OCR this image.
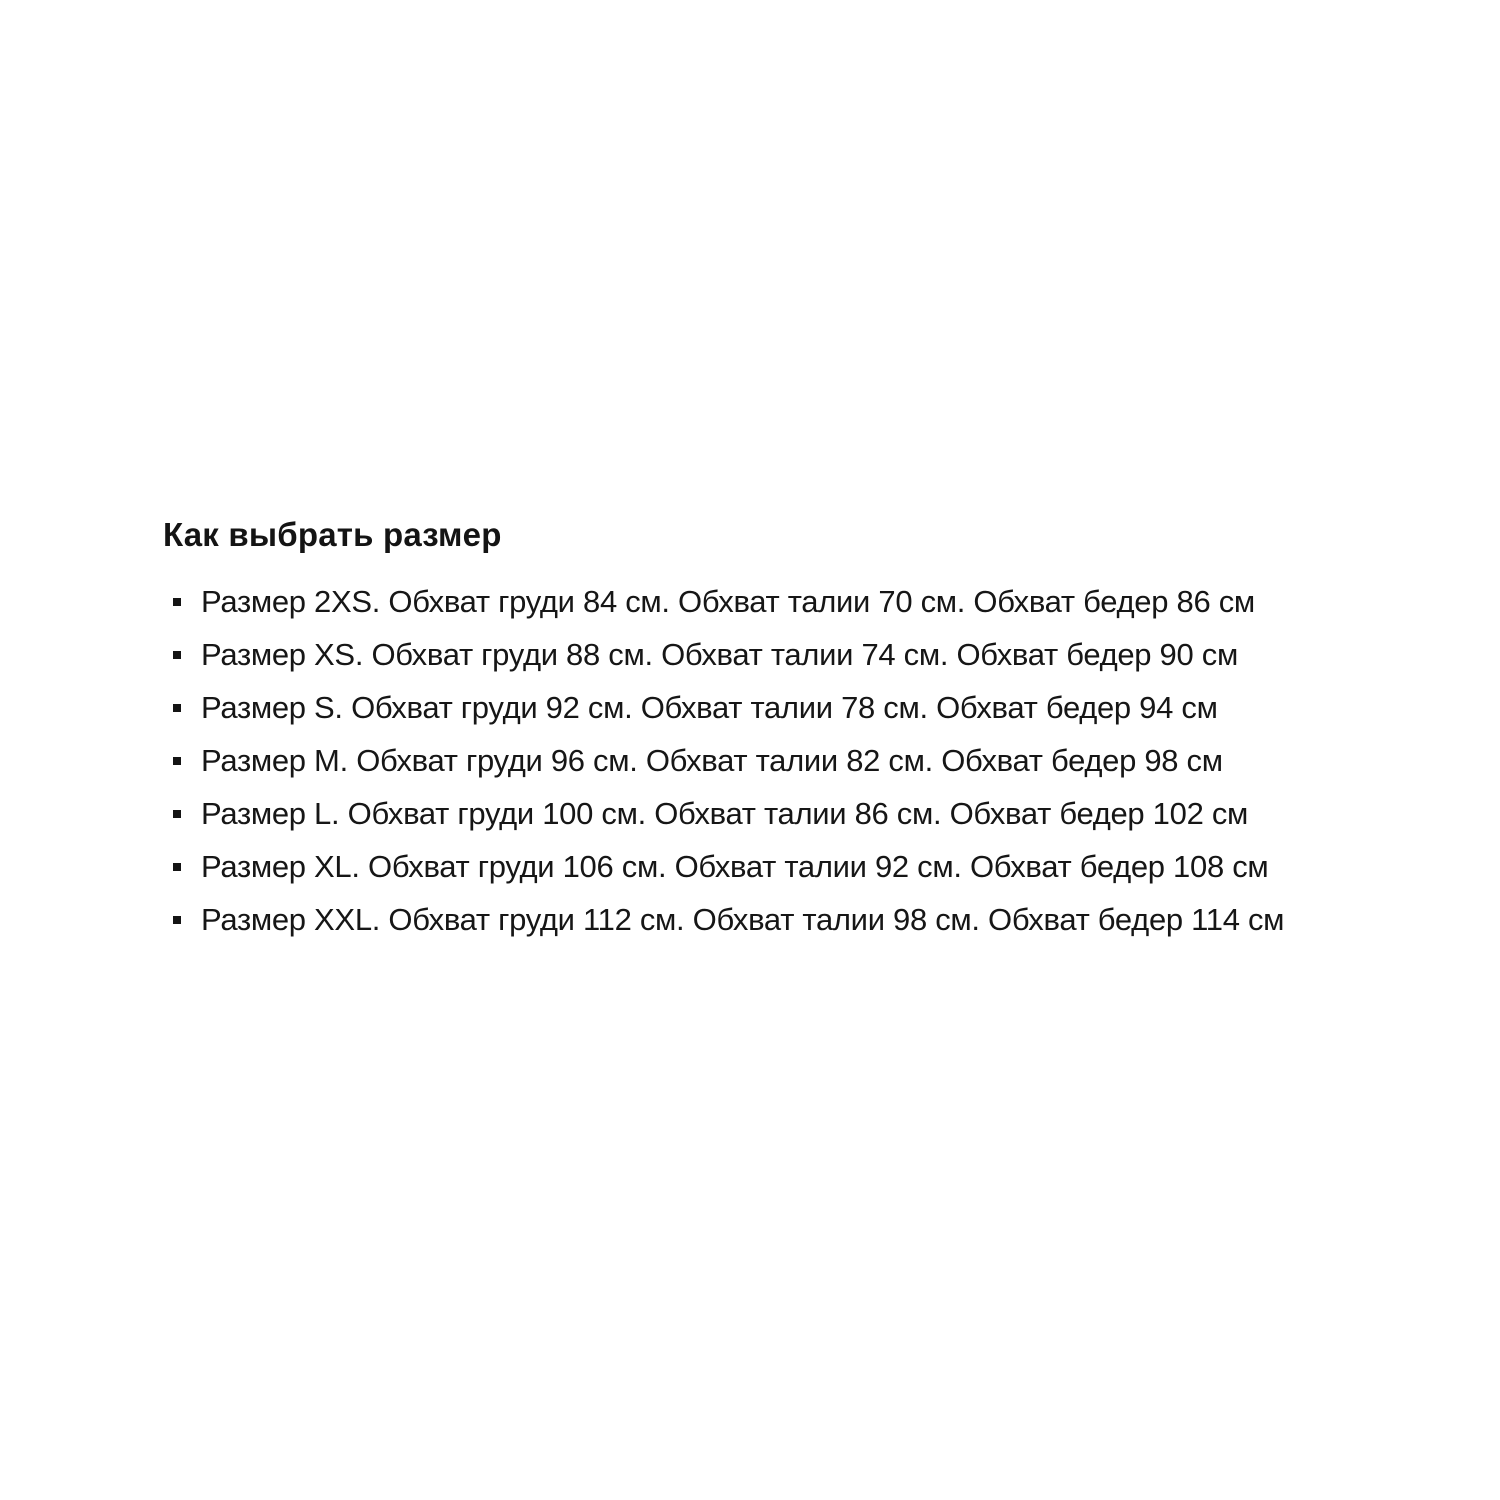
Как выбрать размер
Размер 2XS. Обхват груди 84 см. Обхват талии 70 см. Обхват бедер 86 см
Размер XS. Обхват груди 88 см. Обхват талии 74 см. Обхват бедер 90 см
Размер S. Обхват груди 92 см. Обхват талии 78 см. Обхват бедер 94 см
Размер M. Обхват груди 96 см. Обхват талии 82 см. Обхват бедер 98 см
Размер L. Обхват груди 100 см. Обхват талии 86 см. Обхват бедер 102 см
Размер XL. Обхват груди 106 см. Обхват талии 92 см. Обхват бедер 108 см
Размер XXL. Обхват груди 112 см. Обхват талии 98 см. Обхват бедер 114 см
